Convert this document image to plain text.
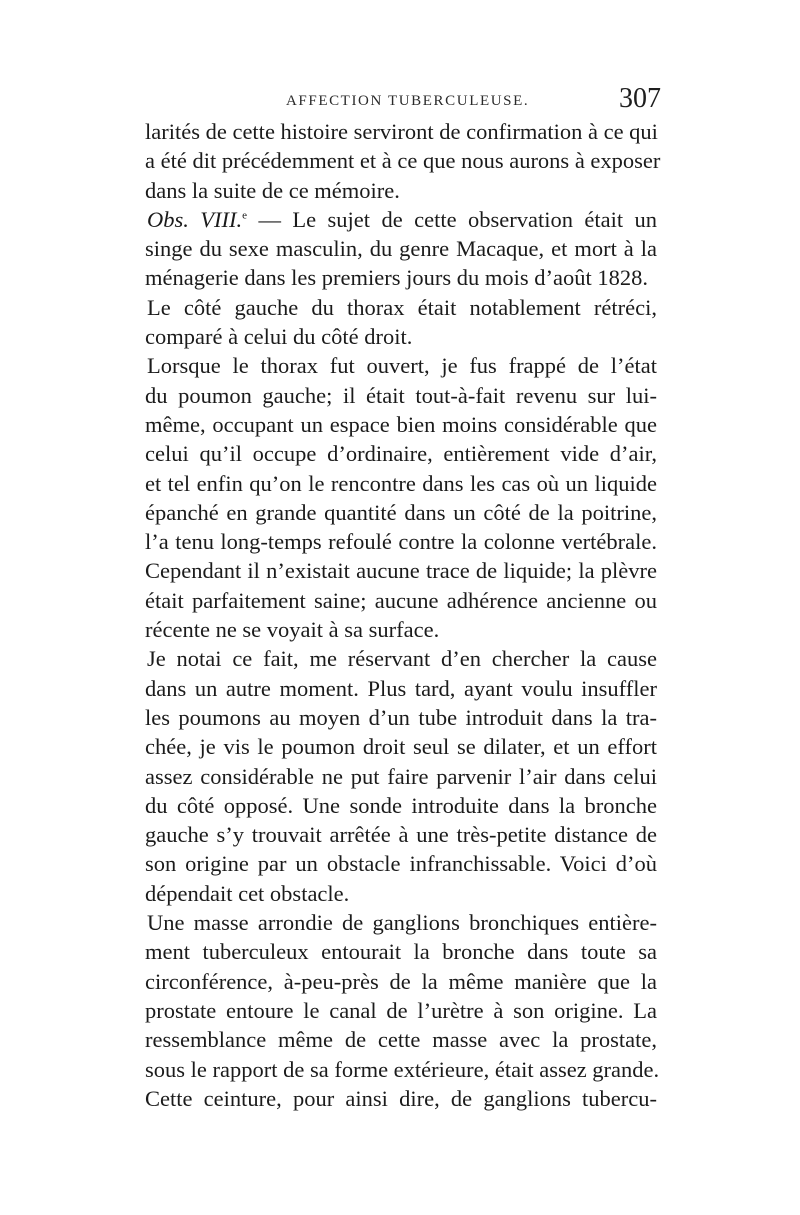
AFFECTION TUBERCULEUSE.	307
larités de cette histoire serviront de confirmation à ce qui
a été dit précédemment et à ce que nous aurons à exposer
dans la suite de ce mémoire.
Obs. VIII.$^e$ — Le sujet de cette observation était un
singe du sexe masculin, du genre Macaque, et mort à la
ménagerie dans les premiers jours du mois d’août 1828.
Le côté gauche du thorax était notablement rétréci,
comparé à celui du côté droit.
Lorsque le thorax fut ouvert, je fus frappé de l’état
du poumon gauche; il était tout-à-fait revenu sur lui-
même, occupant un espace bien moins considérable que
celui qu’il occupe d’ordinaire, entièrement vide d’air,
et tel enfin qu’on le rencontre dans les cas où un liquide
épanché en grande quantité dans un côté de la poitrine,
l’a tenu long-temps refoulé contre la colonne vertébrale.
Cependant il n’existait aucune trace de liquide; la plèvre
était parfaitement saine; aucune adhérence ancienne ou
récente ne se voyait à sa surface.
Je notai ce fait, me réservant d’en chercher la cause
dans un autre moment. Plus tard, ayant voulu insuffler
les poumons au moyen d’un tube introduit dans la tra-
chée, je vis le poumon droit seul se dilater, et un effort
assez considérable ne put faire parvenir l’air dans celui
du côté opposé. Une sonde introduite dans la bronche
gauche s’y trouvait arrêtée à une très-petite distance de
son origine par un obstacle infranchissable. Voici d’où
dépendait cet obstacle.
Une masse arrondie de ganglions bronchiques entière-
ment tuberculeux entourait la bronche dans toute sa
circonférence, à-peu-près de la même manière que la
prostate entoure le canal de l’urètre à son origine. La
ressemblance même de cette masse avec la prostate,
sous le rapport de sa forme extérieure, était assez grande.
Cette ceinture, pour ainsi dire, de ganglions tubercu-
